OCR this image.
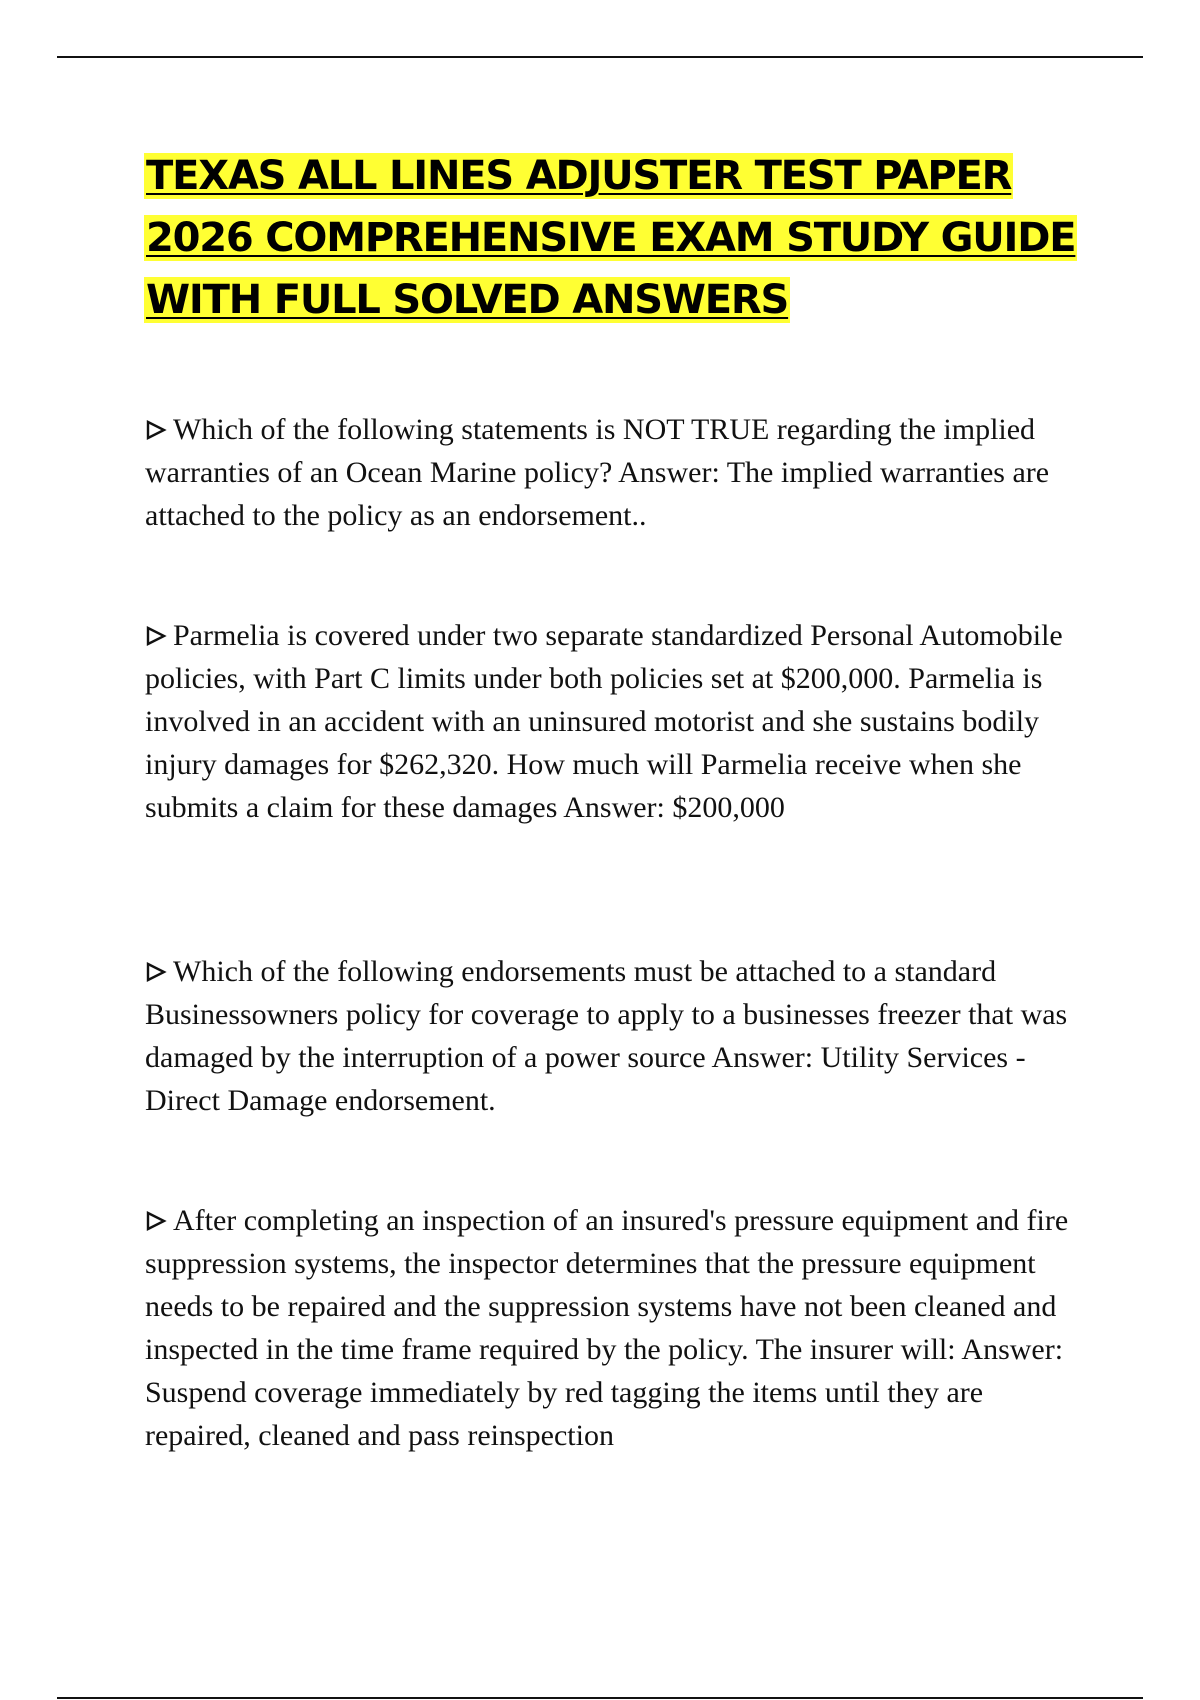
TEXAS ALL LINES ADJUSTER TEST PAPER 2026 COMPREHENSIVE EXAM STUDY GUIDE WITH FULL SOLVED ANSWERS

Which of the following statements is NOT TRUE regarding the implied warranties of an Ocean Marine policy? Answer: The implied warranties are attached to the policy as an endorsement..

Parmelia is covered under two separate standardized Personal Automobile policies, with Part C limits under both policies set at $200,000. Parmelia is involved in an accident with an uninsured motorist and she sustains bodily injury damages for $262,320. How much will Parmelia receive when she submits a claim for these damages Answer: $200,000

Which of the following endorsements must be attached to a standard Businessowners policy for coverage to apply to a businesses freezer that was damaged by the interruption of a power source Answer: Utility Services - Direct Damage endorsement.

After completing an inspection of an insured's pressure equipment and fire suppression systems, the inspector determines that the pressure equipment needs to be repaired and the suppression systems have not been cleaned and inspected in the time frame required by the policy. The insurer will: Answer: Suspend coverage immediately by red tagging the items until they are repaired, cleaned and pass reinspection
